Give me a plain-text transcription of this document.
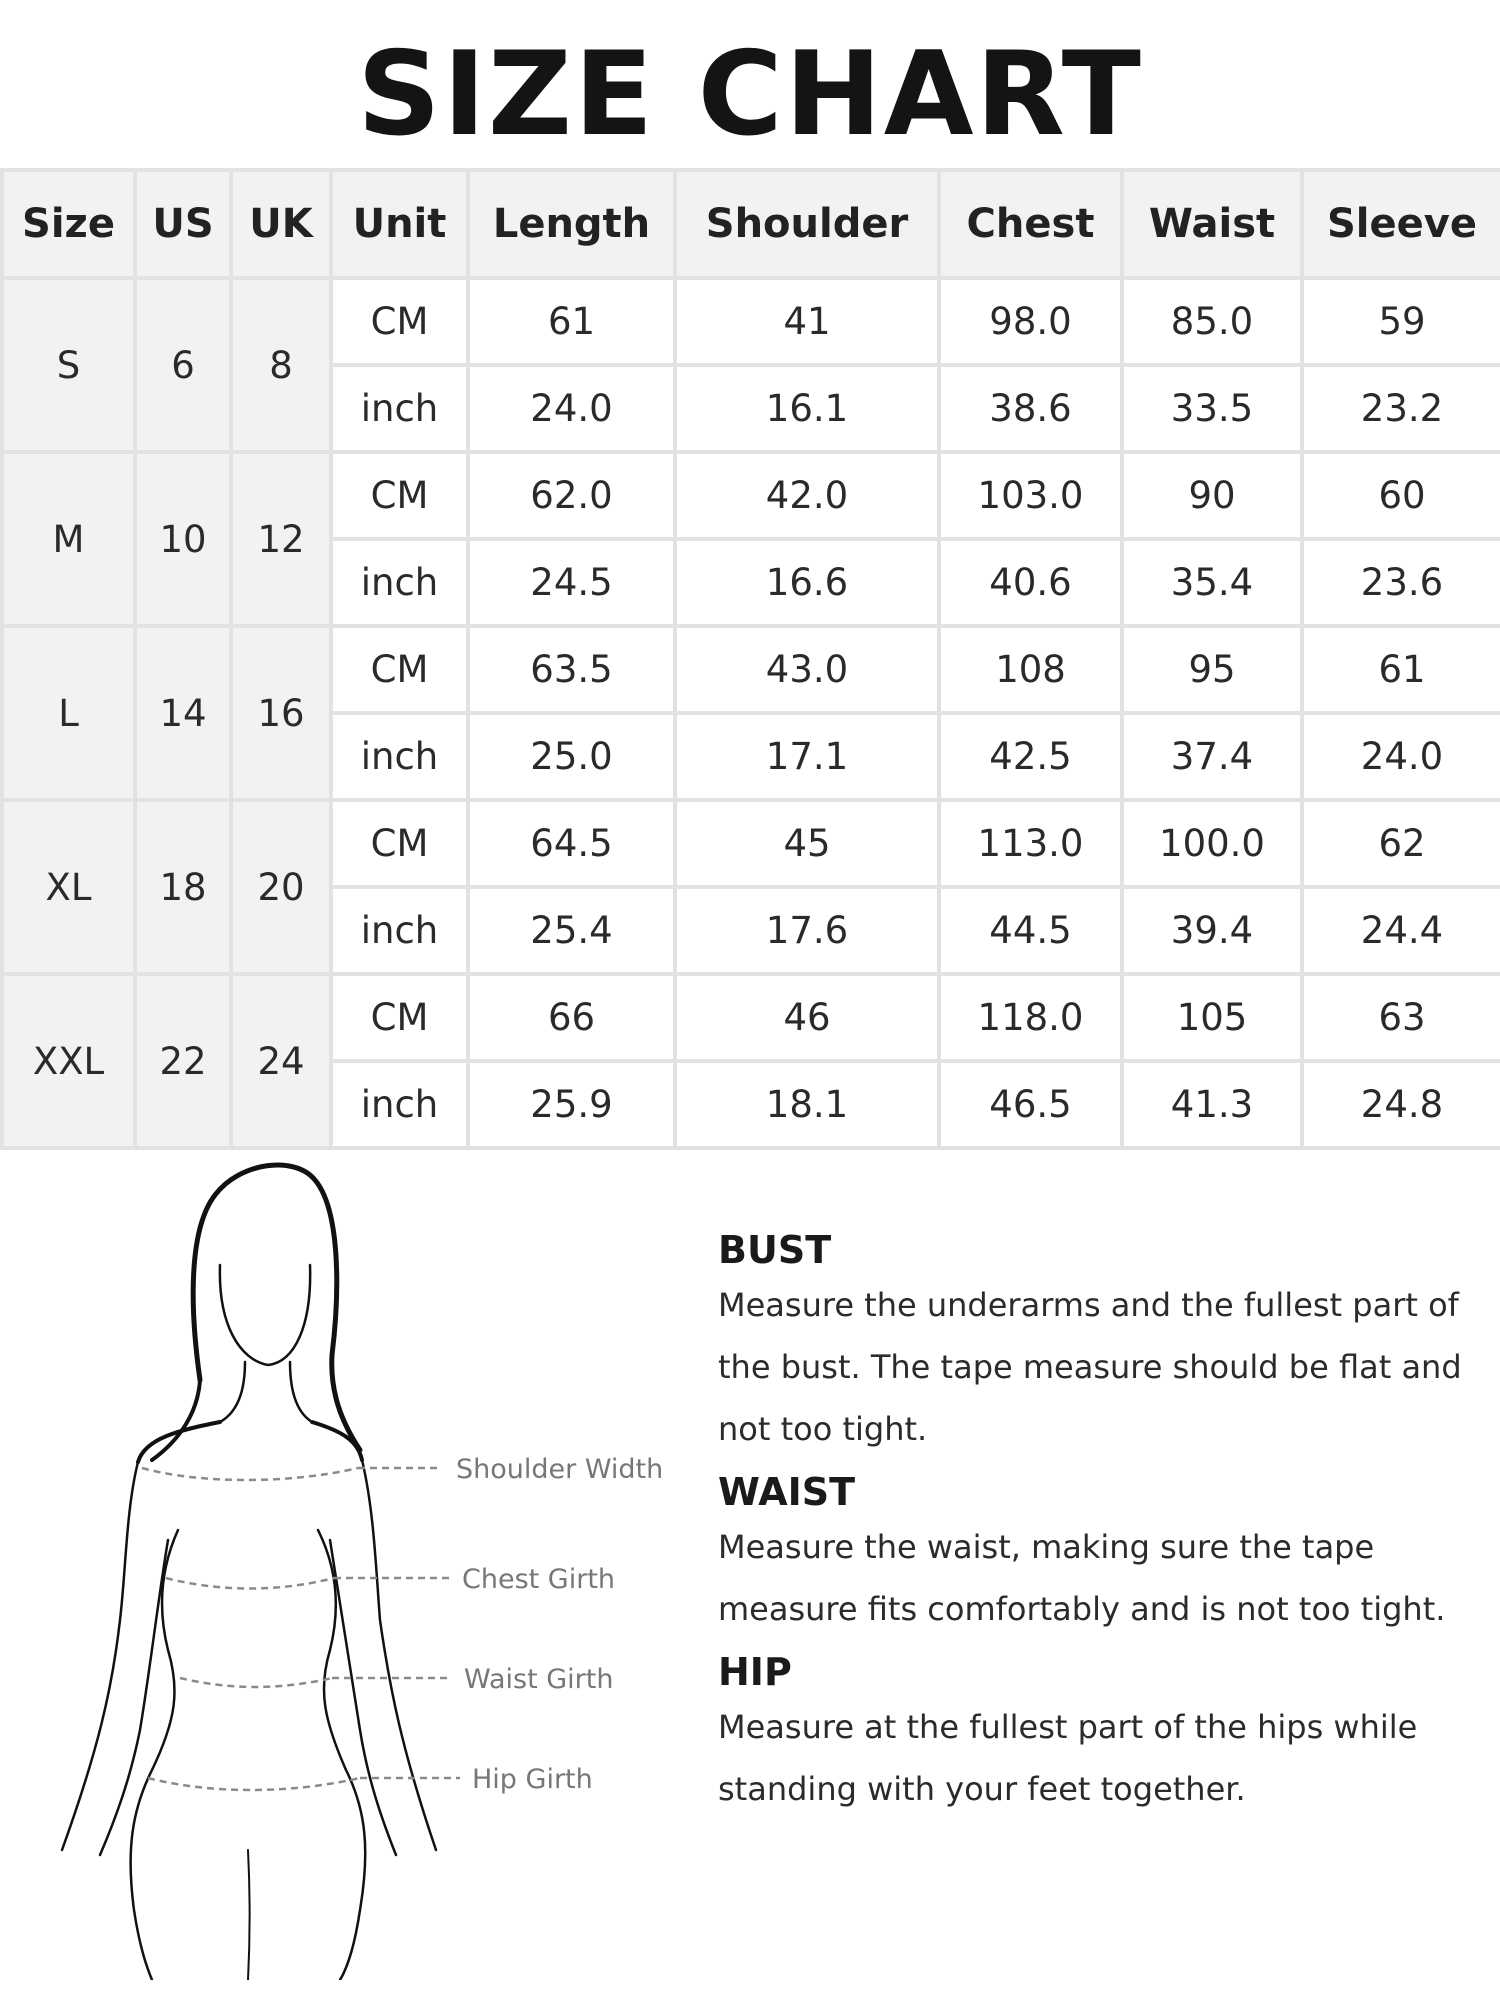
SIZE CHART
Size	US	UK	Unit	Length	Shoulder	Chest	Waist	Sleeve
S	6	8	CM	61	41	98.0	85.0	59
			inch	24.0	16.1	38.6	33.5	23.2
M	10	12	CM	62.0	42.0	103.0	90	60
			inch	24.5	16.6	40.6	35.4	23.6
L	14	16	CM	63.5	43.0	108	95	61
			inch	25.0	17.1	42.5	37.4	24.0
XL	18	20	CM	64.5	45	113.0	100.0	62
			inch	25.4	17.6	44.5	39.4	24.4
XXL	22	24	CM	66	46	118.0	105	63
			inch	25.9	18.1	46.5	41.3	24.8
Shoulder Width
Chest Girth
Waist Girth
Hip Girth
BUST

Measure the underarms and the fullest part of the bust. The tape measure should be flat and not too tight.

WAIST

Measure the waist, making sure the tape measure fits comfortably and is not too tight.

HIP

Measure at the fullest part of the hips while standing with your feet together.
